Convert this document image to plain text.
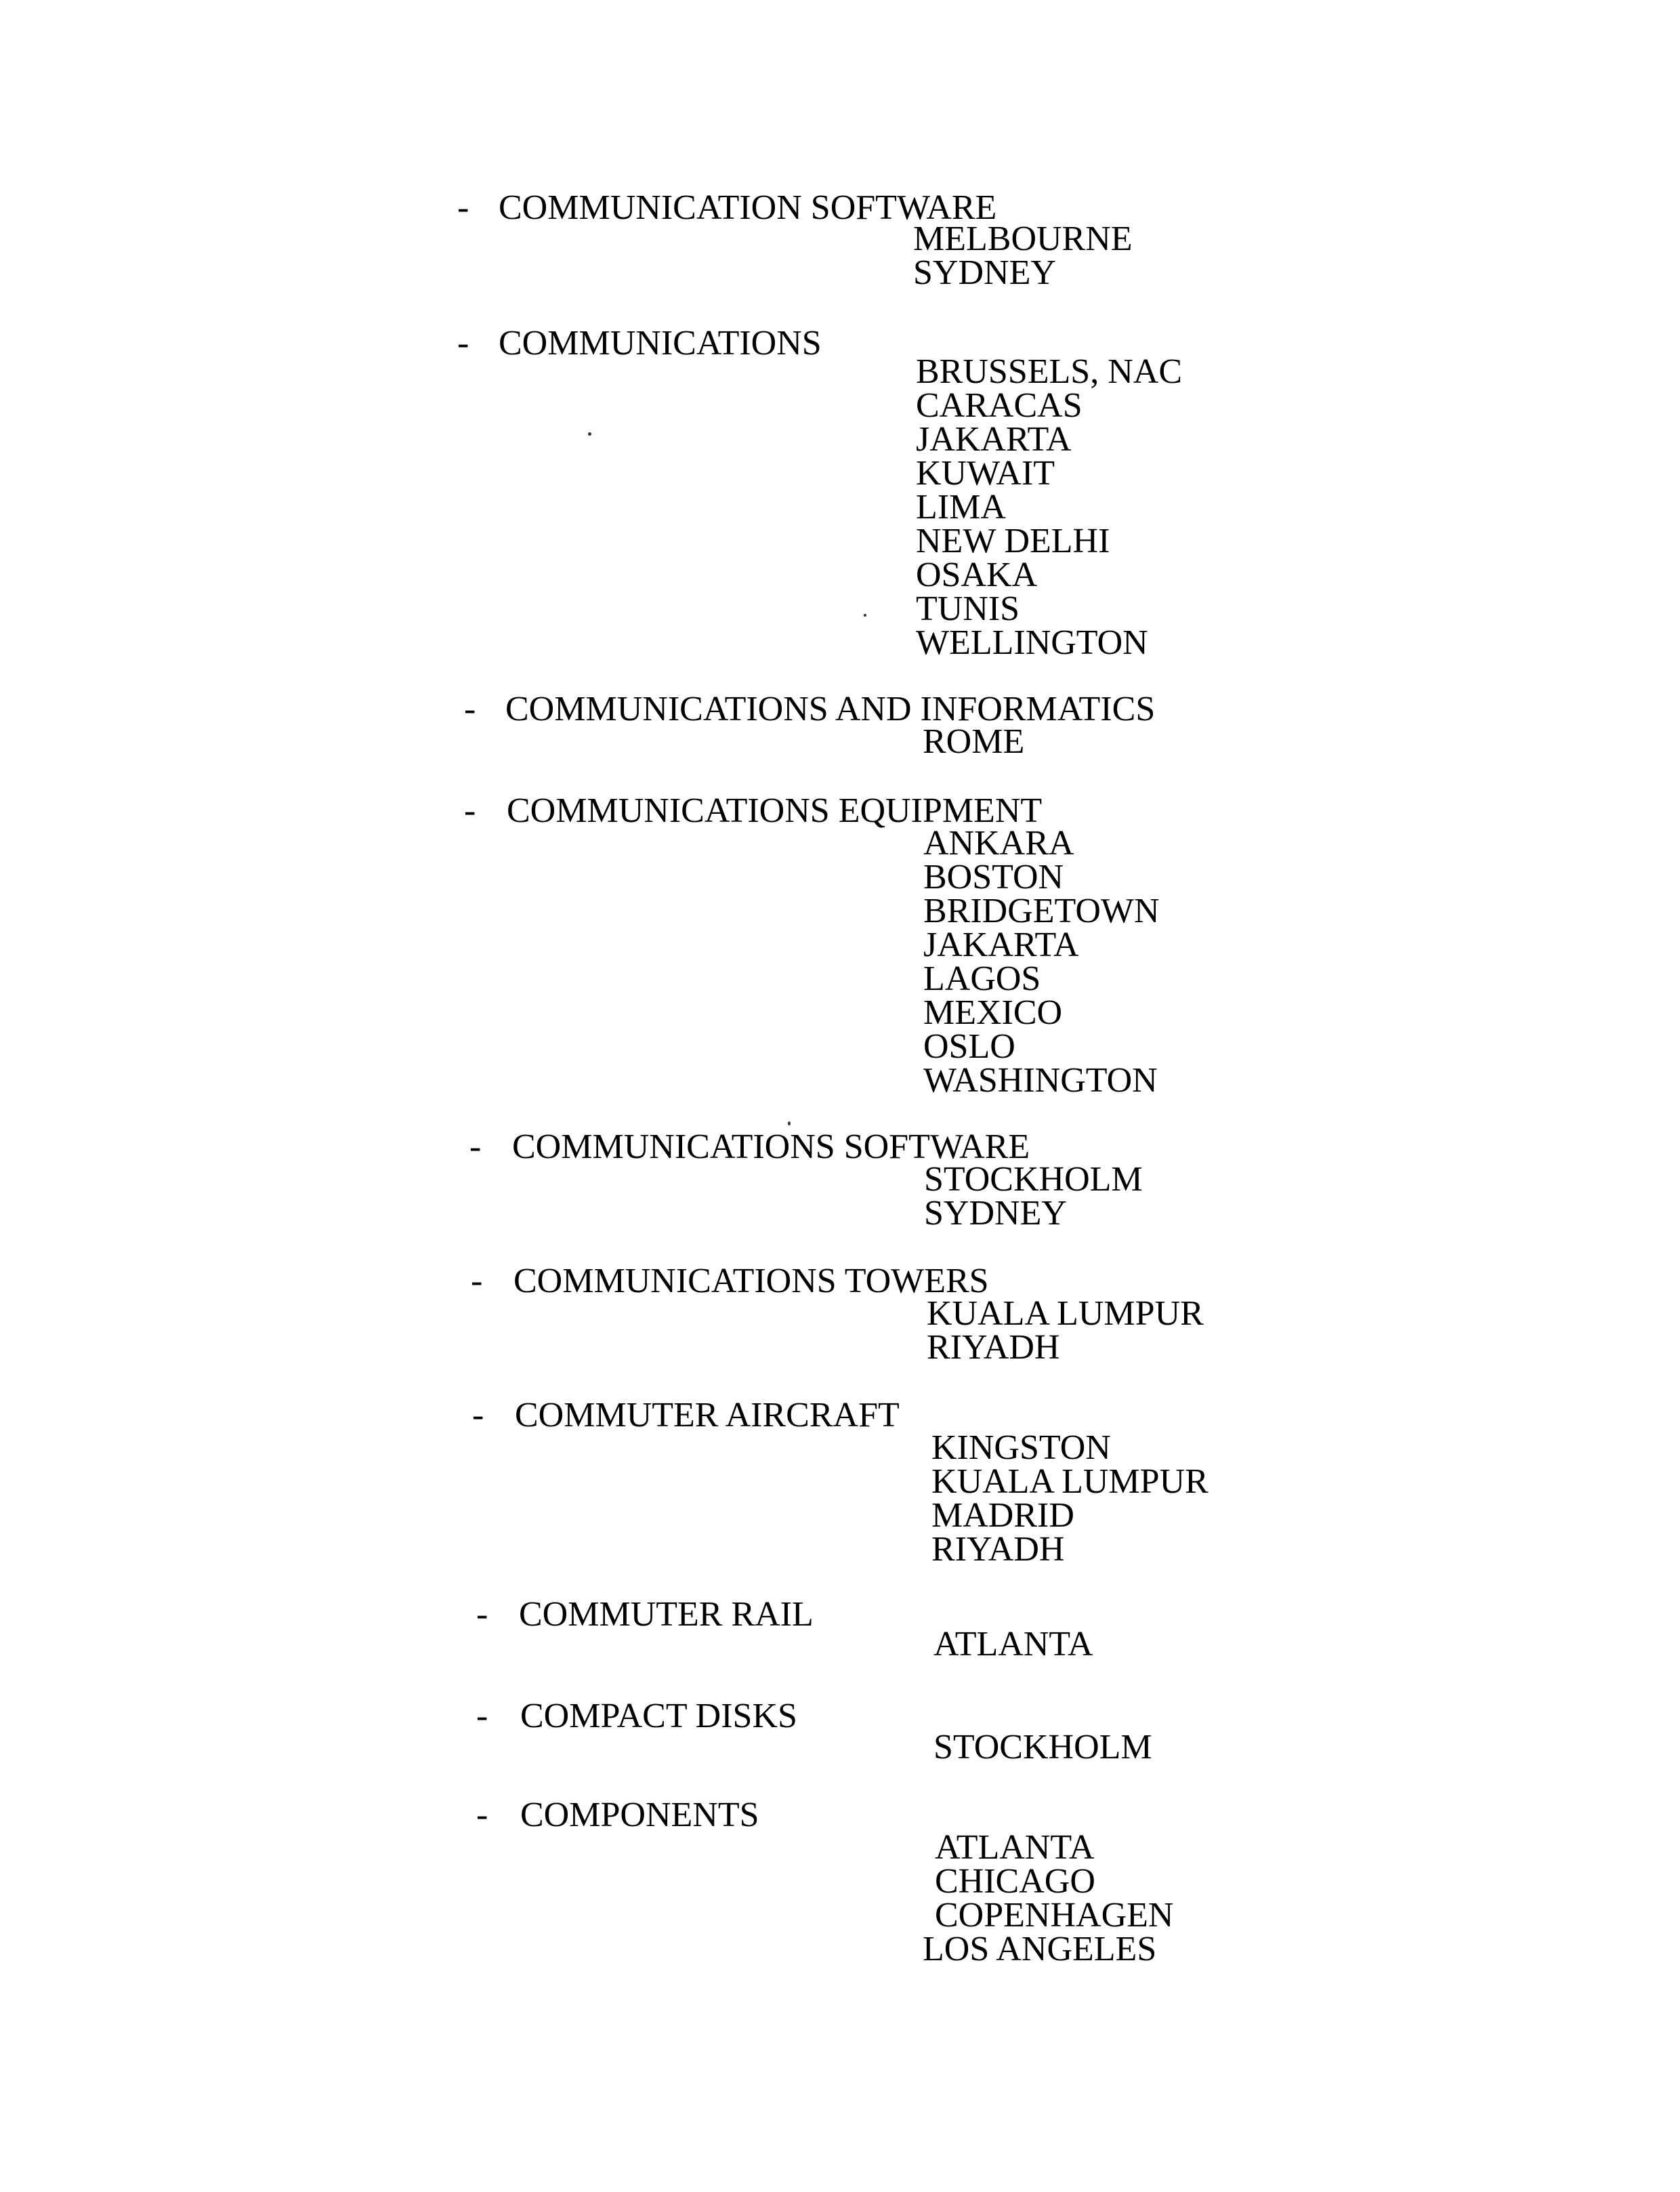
- COMMUNICATION SOFTWARE
MELBOURNE
SYDNEY
- COMMUNICATIONS
BRUSSELS, NAC
CARACAS
JAKARTA
KUWAIT
LIMA
NEW DELHI
OSAKA
TUNIS
WELLINGTON
- COMMUNICATIONS AND INFORMATICS
ROME
- COMMUNICATIONS EQUIPMENT
ANKARA
BOSTON
BRIDGETOWN
JAKARTA
LAGOS
MEXICO
OSLO
WASHINGTON
- COMMUNICATIONS SOFTWARE
STOCKHOLM
SYDNEY
- COMMUNICATIONS TOWERS
KUALA LUMPUR
RIYADH
- COMMUTER AIRCRAFT
KINGSTON
KUALA LUMPUR
MADRID
RIYADH
- COMMUTER RAIL
ATLANTA
- COMPACT DISKS
STOCKHOLM
- COMPONENTS
ATLANTA
CHICAGO
COPENHAGEN
LOS ANGELES
